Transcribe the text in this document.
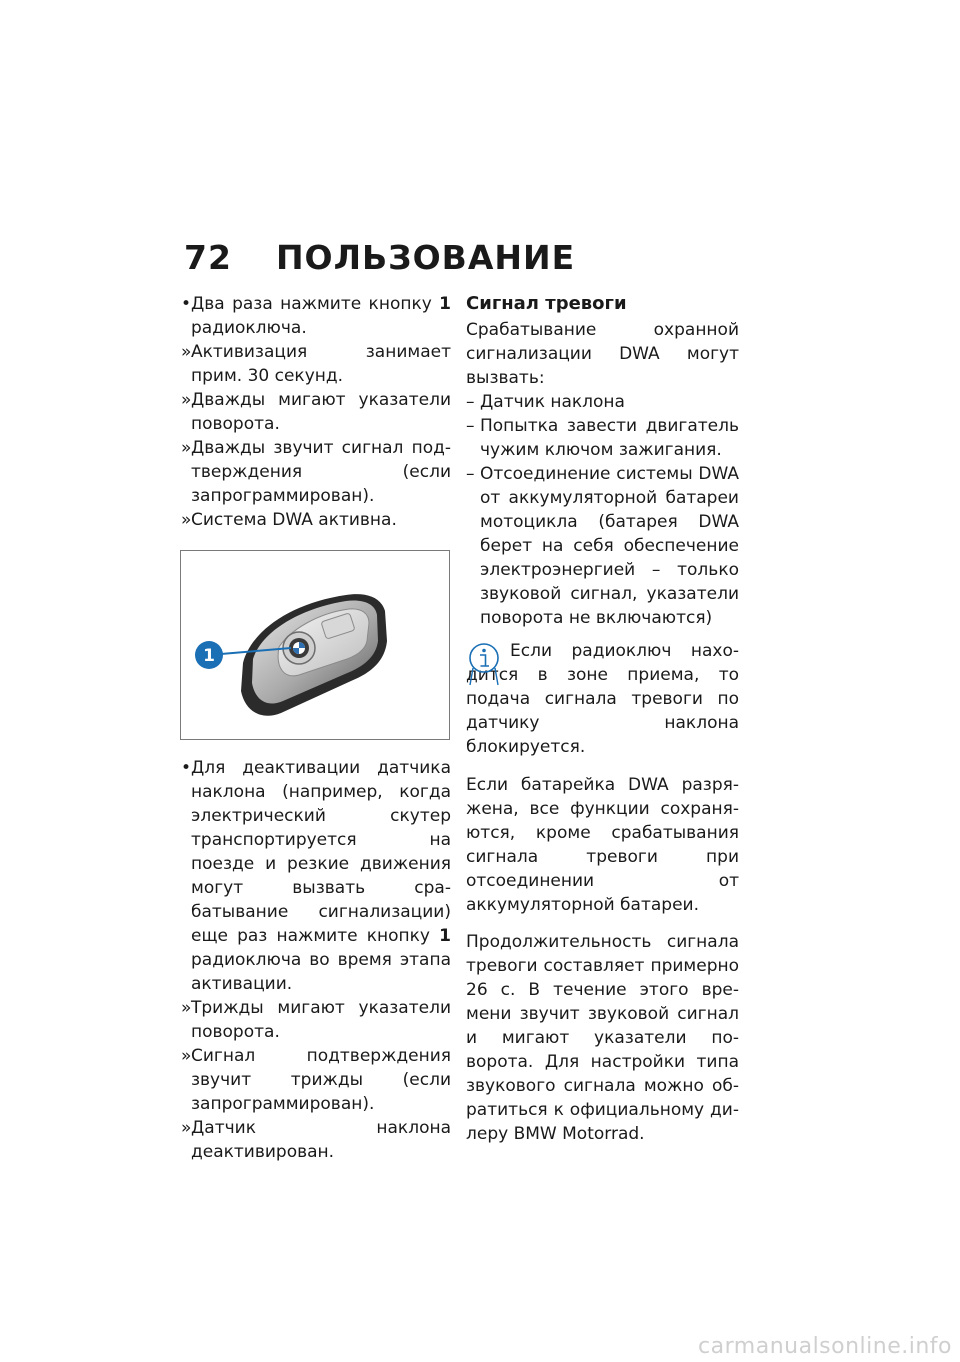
72 ПОЛЬЗОВАНИЕ
• Два раза нажмите кнопку 1 радиоключа.
» Активизация занимает прим. 30 секунд.
» Дважды мигают указатели поворота.
» Дважды звучит сигнал подтверждения (если запрограммирован).
» Система DWA активна.
1
• Для деактивации датчика наклона (например, когда электрический скутер транспортируется на поезде и резкие движения могут вызвать срабатывание сигнализации) еще раз нажмите кнопку 1 радиоключа во время этапа активации.
» Трижды мигают указатели поворота.
» Сигнал подтверждения звучит трижды (если запрограммирован).
» Датчик наклона деактивирован.
Сигнал тревоги

Срабатывание охранной сигнализации DWA могут вызвать:

– Датчик наклона
– Попытка завести двигатель чужим ключом зажигания.
– Отсоединение системы DWA от аккумуляторной батареи мотоцикла (батарея DWA берет на себя обеспечение электроэнергией – только звуковой сигнал, указатели поворота не включаются)

Если радиоключ находится в зоне приема, то подача сигнала тревоги по датчику наклона блокируется.

Если батарейка DWA разряжена, все функции сохраняются, кроме срабатывания сигнала тревоги при отсоединении от аккумуляторной батареи.

Продолжительность сигнала тревоги составляет примерно 26 с. В течение этого времени звучит звуковой сигнал и мигают указатели поворота. Для настройки типа звукового сигнала можно обратиться к официальному дилеру BMW Motorrad.

carmanualsonline.info
